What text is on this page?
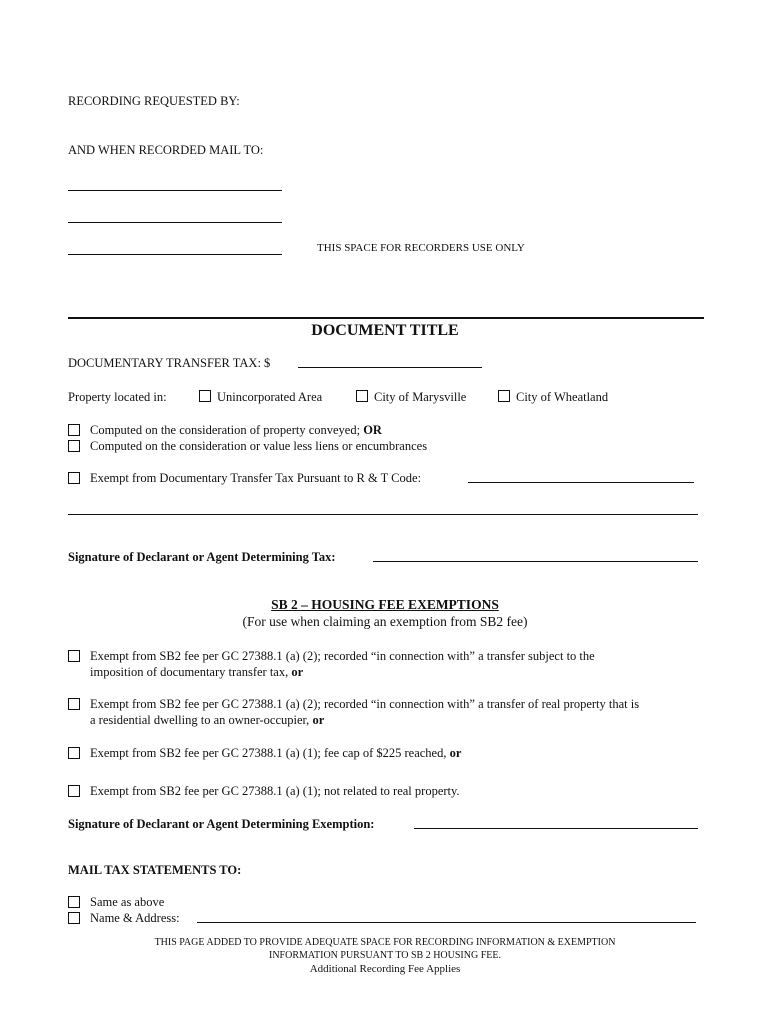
RECORDING REQUESTED BY:
AND WHEN RECORDED MAIL TO:
THIS SPACE FOR RECORDERS USE ONLY
DOCUMENT TITLE
DOCUMENTARY TRANSFER TAX: $
Property located in:	Unincorporated Area	City of Marysville	City of Wheatland
Computed on the consideration of property conveyed; OR
Computed on the consideration or value less liens or encumbrances
Exempt from Documentary Transfer Tax Pursuant to R & T Code:
Signature of Declarant or Agent Determining Tax:
SB 2 – HOUSING FEE EXEMPTIONS
(For use when claiming an exemption from SB2 fee)
Exempt from SB2 fee per GC 27388.1 (a) (2); recorded “in connection with” a transfer subject to the
imposition of documentary transfer tax, or
Exempt from SB2 fee per GC 27388.1 (a) (2); recorded “in connection with” a transfer of real property that is
a residential dwelling to an owner-occupier, or
Exempt from SB2 fee per GC 27388.1 (a) (1); fee cap of $225 reached, or
Exempt from SB2 fee per GC 27388.1 (a) (1); not related to real property.
Signature of Declarant or Agent Determining Exemption:
MAIL TAX STATEMENTS TO:
Same as above
Name & Address:
THIS PAGE ADDED TO PROVIDE ADEQUATE SPACE FOR RECORDING INFORMATION & EXEMPTION
INFORMATION PURSUANT TO SB 2 HOUSING FEE.
Additional Recording Fee Applies
